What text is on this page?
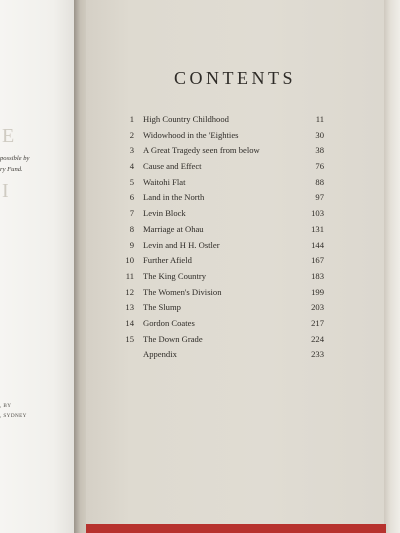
E
I
possible by
ry Fund.
, BY
, SYDNEY
CONTENTS
1	High Country Childhood	11
2	Widowhood in the 'Eighties	30
3	A Great Tragedy seen from below	38
4	Cause and Effect	76
5	Waitohi Flat	88
6	Land in the North	97
7	Levin Block	103
8	Marriage at Ohau	131
9	Levin and H H. Ostler	144
10	Further Afield	167
11	The King Country	183
12	The Women's Division	199
13	The Slump	203
14	Gordon Coates	217
15	The Down Grade	224
Appendix	233
